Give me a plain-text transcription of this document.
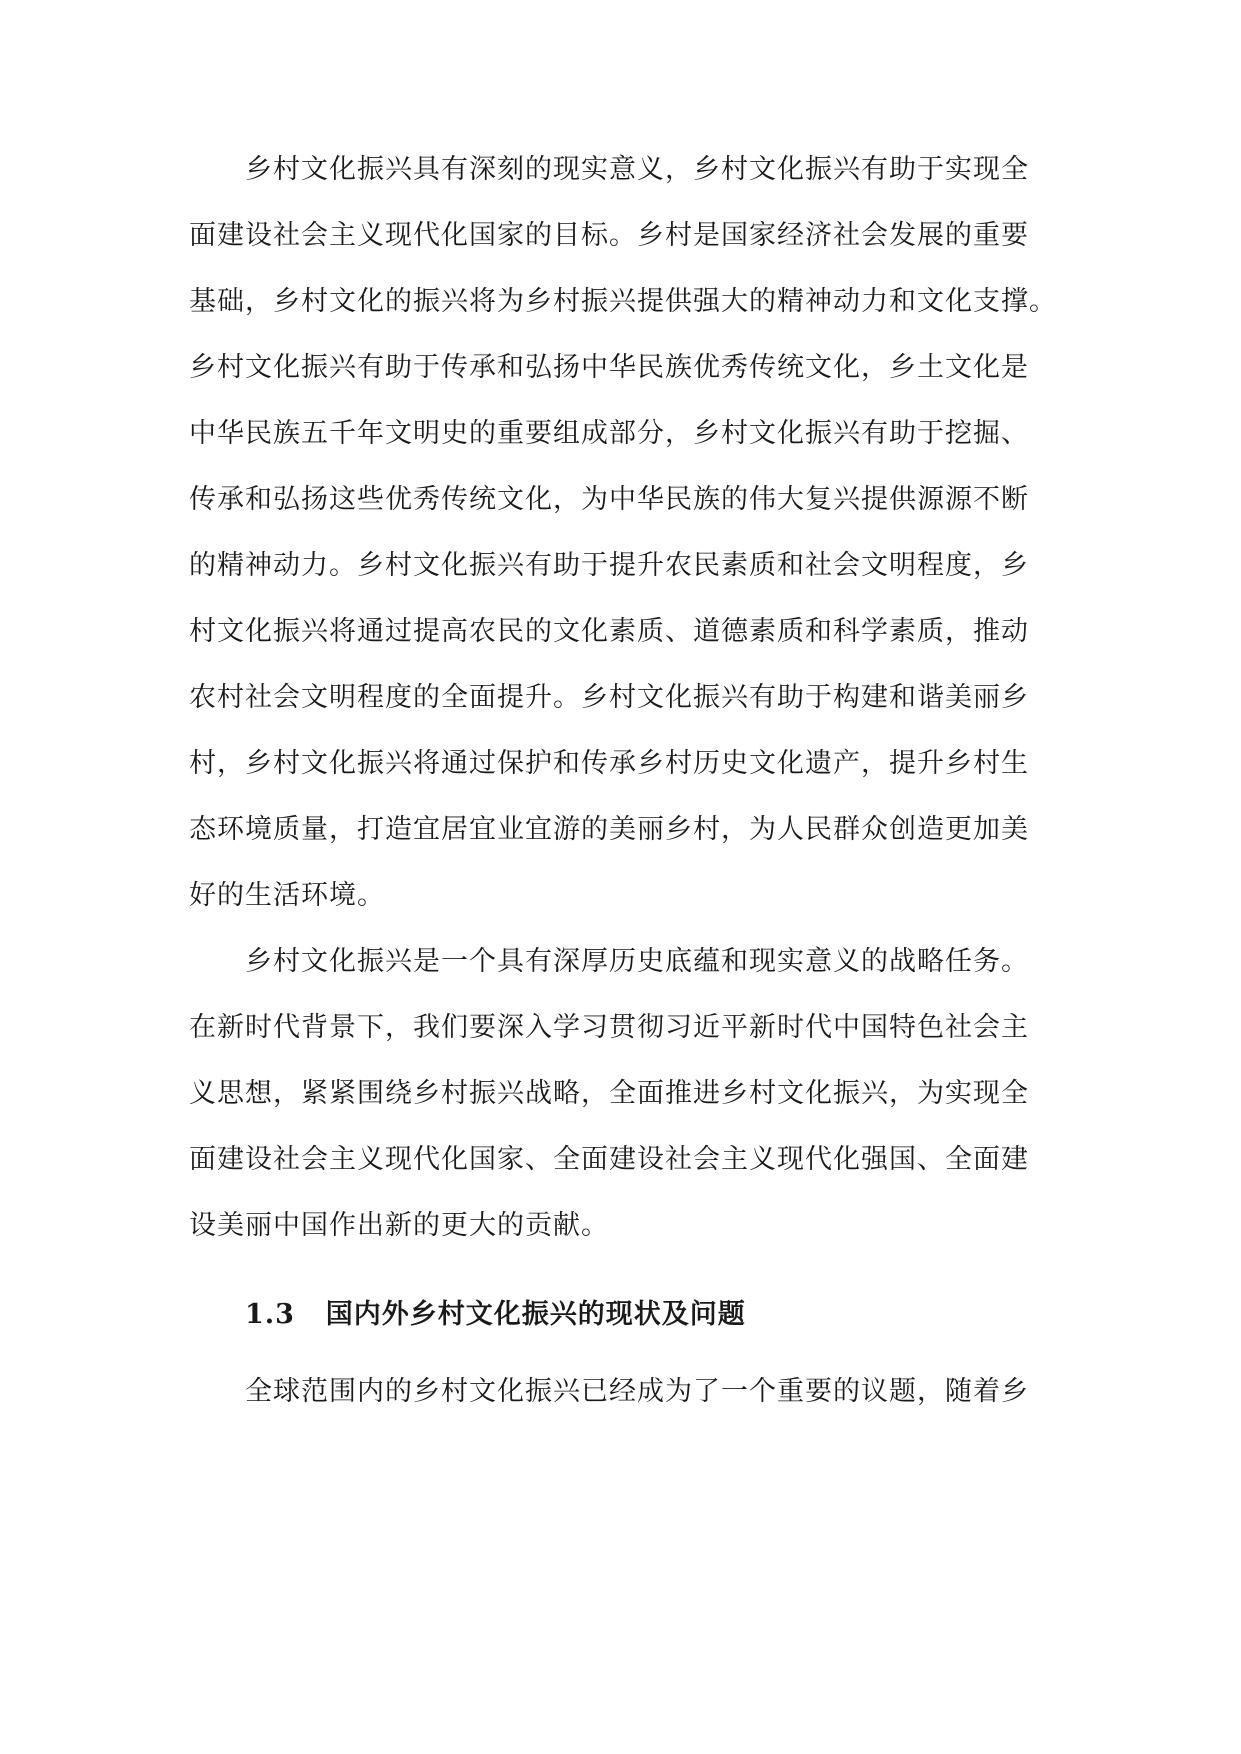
乡村文化振兴具有深刻的现实意义，乡村文化振兴有助于实现全
面建设社会主义现代化国家的目标。乡村是国家经济社会发展的重要
基础，乡村文化的振兴将为乡村振兴提供强大的精神动力和文化支撑。
乡村文化振兴有助于传承和弘扬中华民族优秀传统文化，乡土文化是
中华民族五千年文明史的重要组成部分，乡村文化振兴有助于挖掘、
传承和弘扬这些优秀传统文化，为中华民族的伟大复兴提供源源不断
的精神动力。乡村文化振兴有助于提升农民素质和社会文明程度，乡
村文化振兴将通过提高农民的文化素质、道德素质和科学素质，推动
农村社会文明程度的全面提升。乡村文化振兴有助于构建和谐美丽乡
村，乡村文化振兴将通过保护和传承乡村历史文化遗产，提升乡村生
态环境质量，打造宜居宜业宜游的美丽乡村，为人民群众创造更加美
好的生活环境。
乡村文化振兴是一个具有深厚历史底蕴和现实意义的战略任务。
在新时代背景下，我们要深入学习贯彻习近平新时代中国特色社会主
义思想，紧紧围绕乡村振兴战略，全面推进乡村文化振兴，为实现全
面建设社会主义现代化国家、全面建设社会主义现代化强国、全面建
设美丽中国作出新的更大的贡献。
1.3 国内外乡村文化振兴的现状及问题
全球范围内的乡村文化振兴已经成为了一个重要的议题，随着乡
